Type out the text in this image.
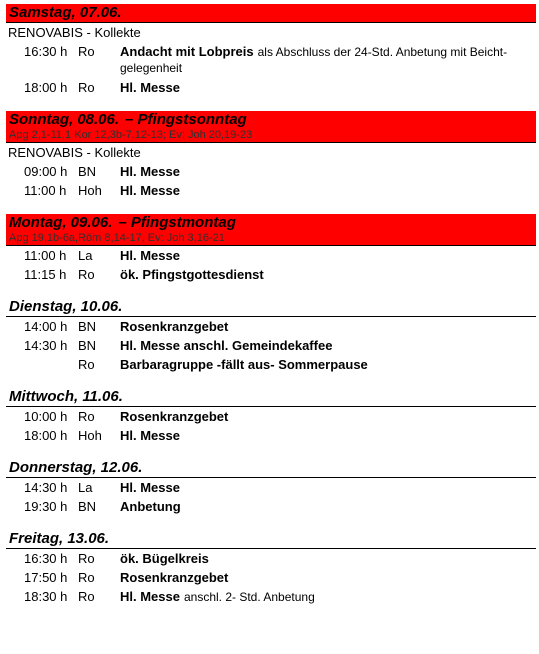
Samstag, 07.06.
RENOVABIS - Kollekte
16:30 h Ro	Andacht mit Lobpreis als Abschluss der 24-Std. Anbetung mit Beicht-gelegenheit
18:00 h Ro	Hl. Messe
Sonntag, 08.06. – Pfingstsonntag
Apg 2,1-11,1 Kor 12,3b-7.12-13; Ev: Joh 20,19-23
RENOVABIS - Kollekte
09:00 h BN	Hl. Messe
11:00 h Hoh	Hl. Messe
Montag, 09.06. – Pfingstmontag
Apg 19,1b-6a,Röm 8,14-17, Ev: Joh 3,16-21
11:00 h La	Hl. Messe
11:15 h Ro	ök. Pfingstgottesdienst
Dienstag, 10.06.
14:00 h BN	Rosenkranzgebet
14:30 h BN	Hl. Messe anschl. Gemeindekaffee
Ro	Barbaragruppe -fällt aus- Sommerpause
Mittwoch, 11.06.
10:00 h Ro	Rosenkranzgebet
18:00 h Hoh	Hl. Messe
Donnerstag, 12.06.
14:30 h La	Hl. Messe
19:30 h BN	Anbetung
Freitag, 13.06.
16:30 h Ro	ök. Bügelkreis
17:50 h Ro	Rosenkranzgebet
18:30 h Ro	Hl. Messe anschl. 2- Std. Anbetung
